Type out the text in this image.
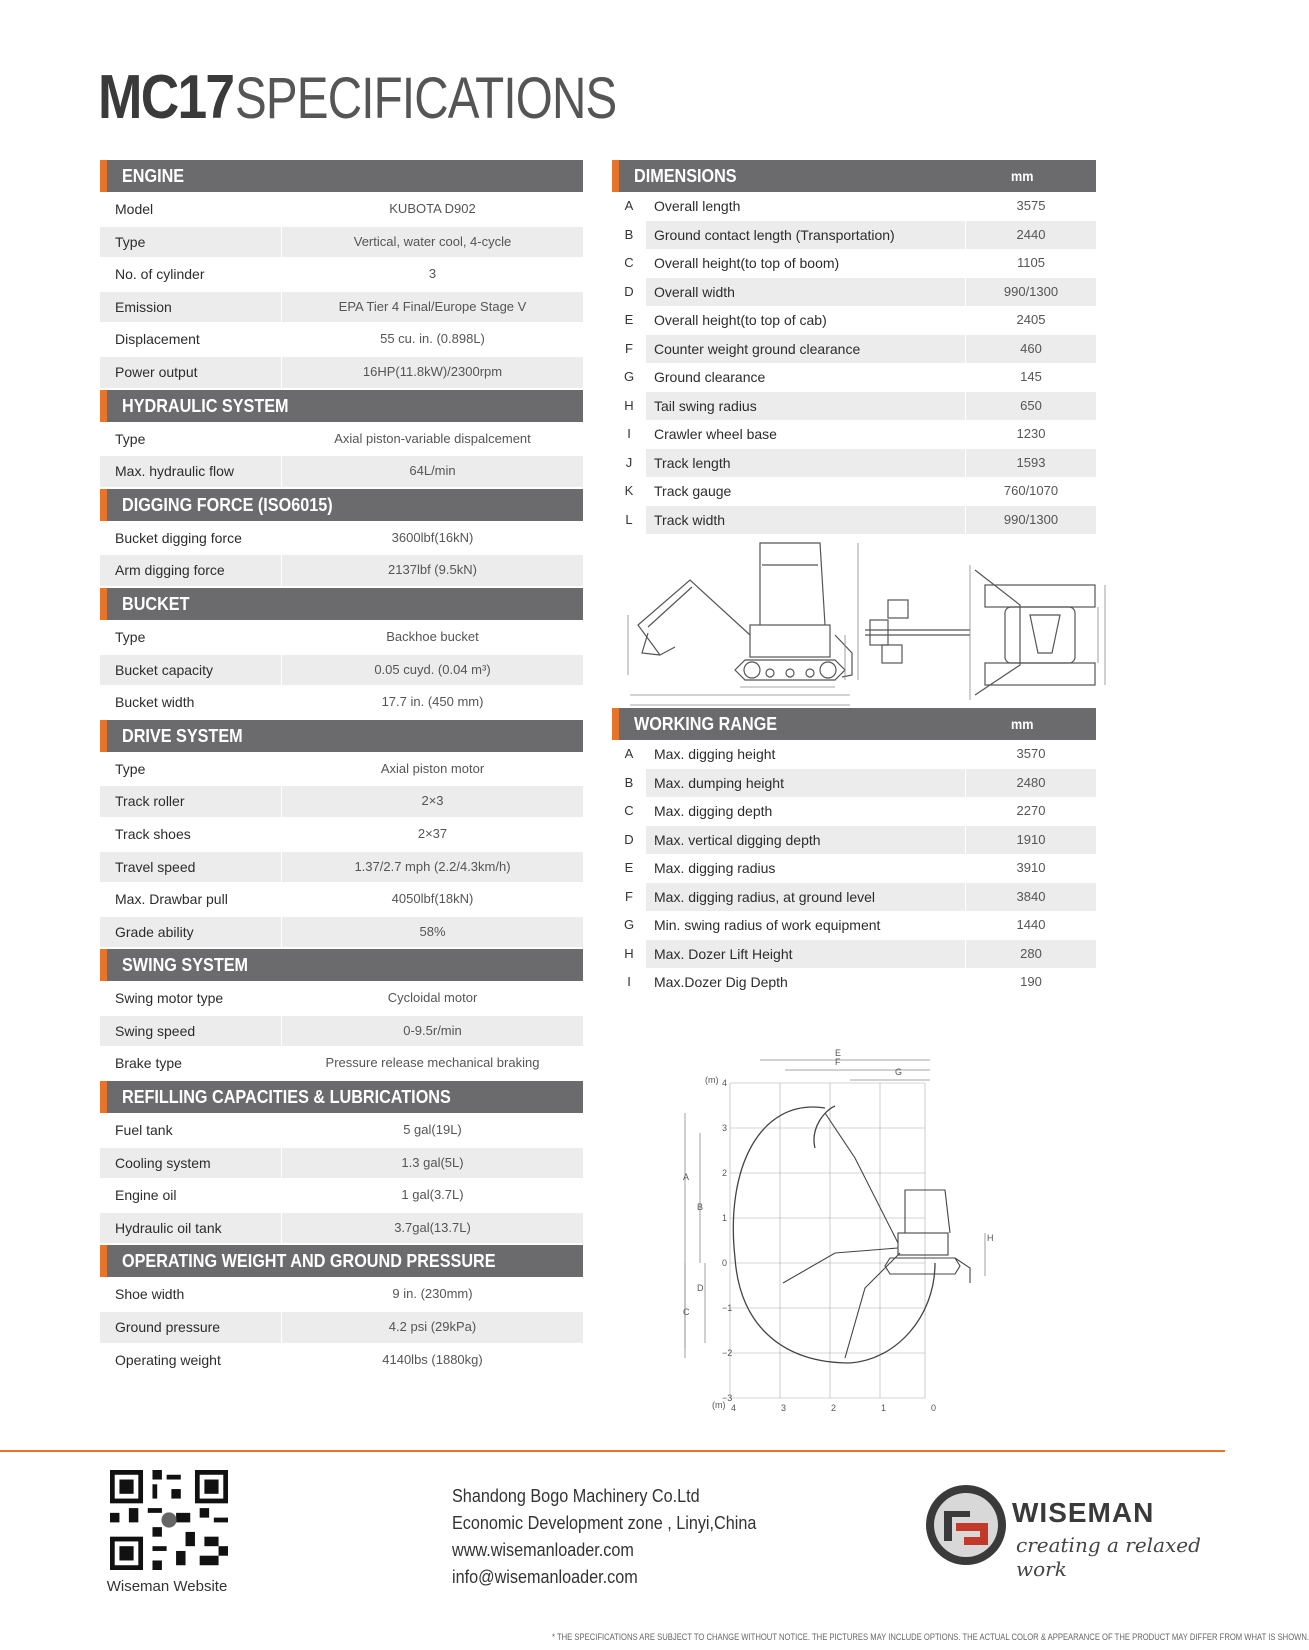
MC17 SPECIFICATIONS
ENGINE
Model	KUBOTA D902
Type	Vertical, water cool, 4-cycle
No. of cylinder	3
Emission	EPA Tier 4 Final/Europe Stage V
Displacement	55 cu. in. (0.898L)
Power output	16HP(11.8kW)/2300rpm
HYDRAULIC SYSTEM
Type	Axial piston-variable dispalcement
Max. hydraulic flow	64L/min
DIGGING FORCE (ISO6015)
Bucket digging force	3600lbf(16kN)
Arm digging force	2137lbf (9.5kN)
BUCKET
Type	Backhoe bucket
Bucket capacity	0.05 cuyd. (0.04 m³)
Bucket width	17.7 in. (450 mm)
DRIVE SYSTEM
Type	Axial piston motor
Track roller	2×3
Track shoes	2×37
Travel speed	1.37/2.7 mph (2.2/4.3km/h)
Max. Drawbar pull	4050lbf(18kN)
Grade ability	58%
SWING SYSTEM
Swing motor type	Cycloidal motor
Swing speed	0-9.5r/min
Brake type	Pressure release mechanical braking
REFILLING CAPACITIES & LUBRICATIONS
Fuel tank	5 gal(19L)
Cooling system	1.3 gal(5L)
Engine oil	1 gal(3.7L)
Hydraulic oil tank	3.7gal(13.7L)
OPERATING WEIGHT AND GROUND PRESSURE
Shoe width	9 in. (230mm)
Ground pressure	4.2 psi (29kPa)
Operating weight	4140lbs (1880kg)
DIMENSIONS	mm
A	Overall length	3575
B	Ground contact length (Transportation)	2440
C	Overall height(to top of boom)	1105
D	Overall width	990/1300
E	Overall height(to top of cab)	2405
F	Counter weight ground clearance	460
G	Ground clearance	145
H	Tail swing radius	650
I	Crawler wheel base	1230
J	Track length	1593
K	Track gauge	760/1070
L	Track width	990/1300
WORKING RANGE	mm
A	Max. digging height	3570
B	Max. dumping height	2480
C	Max. digging depth	2270
D	Max. vertical digging depth	1910
E	Max. digging radius	3910
F	Max. digging radius, at ground level	3840
G	Min. swing radius of work equipment	1440
H	Max. Dozer Lift Height	280
I	Max.Dozer Dig Depth	190
(m) 4
3
2
1
0
−1
−2
−3
(m) 4	3	2	1	0
E
F
G
A
B
C
D
H
Wiseman Website
Shandong Bogo Machinery Co.Ltd
Economic Development zone , Linyi,China
www.wisemanloader.com
info@wisemanloader.com
WISEMAN
creating a relaxed work
* THE SPECIFICATIONS ARE SUBJECT TO CHANGE WITHOUT NOTICE. THE PICTURES MAY INCLUDE OPTIONS. THE ACTUAL COLOR & APPEARANCE OF THE PRODUCT MAY DIFFER FROM WHAT IS SHOWN.
